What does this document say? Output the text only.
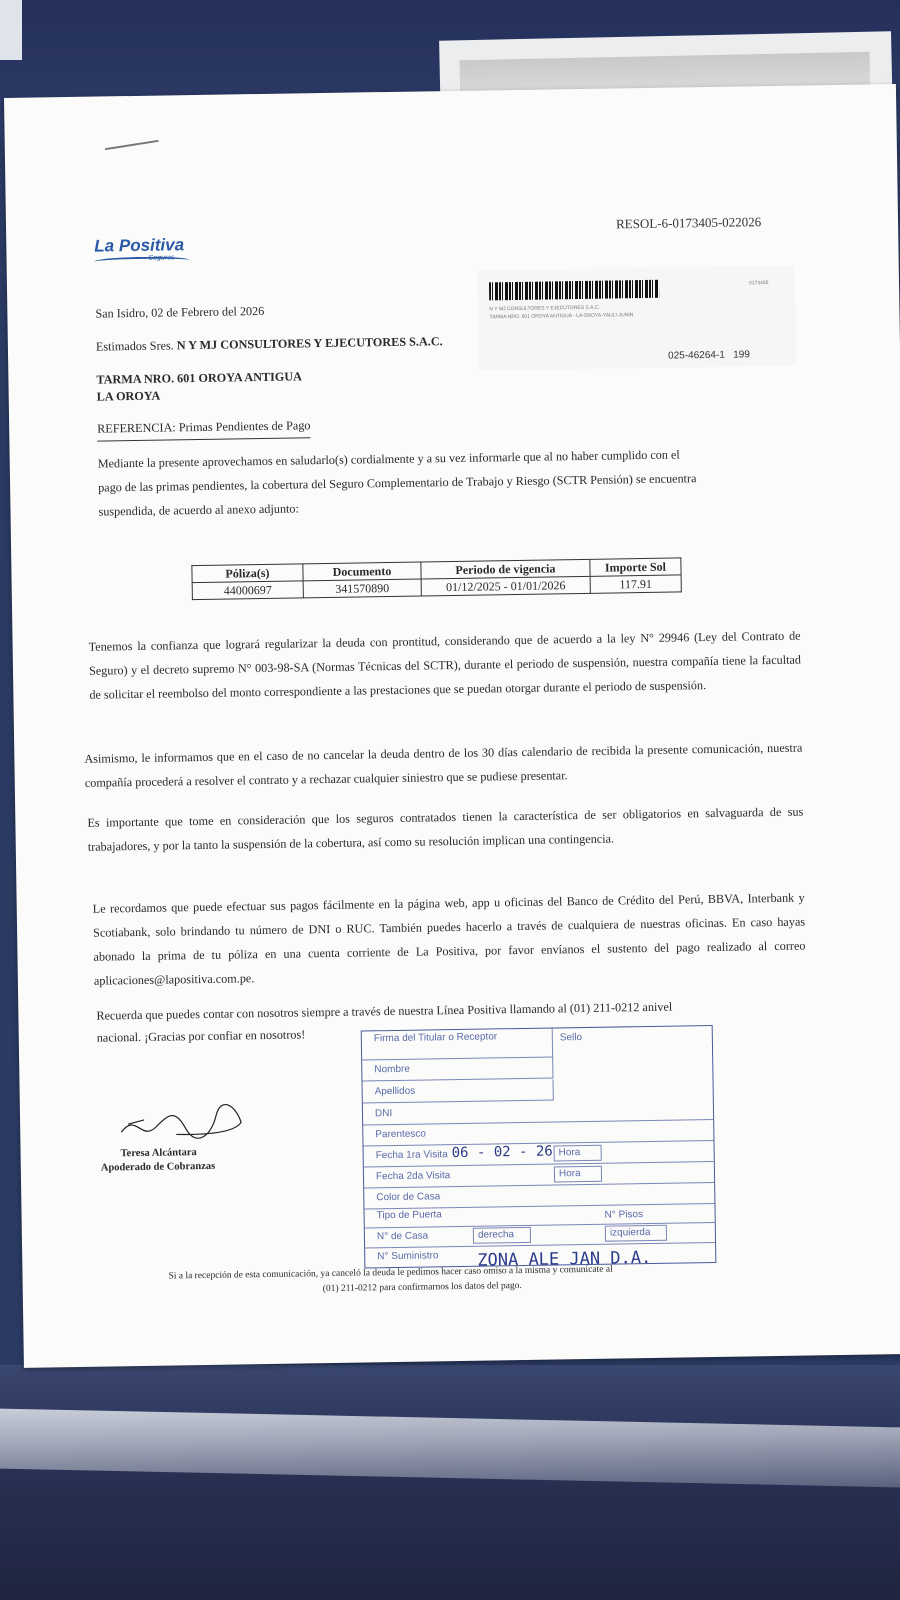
La Positiva
Seguros
RESOL-6-0173405-022026
0173405
N Y MJ CONSULTORES Y EJECUTORES S.A.C.
TARMA NRO. 601 OROYA ANTIGUA - LA OROYA-YAULI-JUNIN
025-46264-1 199
San Isidro, 02 de Febrero del 2026
Estimados Sres. N Y MJ CONSULTORES Y EJECUTORES S.A.C.
TARMA NRO. 601 OROYA ANTIGUA
LA OROYA
REFERENCIA: Primas Pendientes de Pago
Mediante la presente aprovechamos en saludarlo(s) cordialmente y a su vez informarle que al no haber cumplido con el
pago de las primas pendientes, la cobertura del Seguro Complementario de Trabajo y Riesgo (SCTR Pensión) se encuentra
suspendida, de acuerdo al anexo adjunto:
Póliza(s)	Documento	Periodo de vigencia	Importe Sol
44000697	341570890	01/12/2025 - 01/01/2026	117.91
Tenemos la confianza que logrará regularizar la deuda con prontitud, considerando que de acuerdo a la ley N° 29946 (Ley del Contrato de Seguro) y el decreto supremo N° 003-98-SA (Normas Técnicas del SCTR), durante el periodo de suspensión, nuestra compañía tiene la facultad de solicitar el reembolso del monto correspondiente a las prestaciones que se puedan otorgar durante el periodo de suspensión.
Asimismo, le informamos que en el caso de no cancelar la deuda dentro de los 30 días calendario de recibida la presente comunicación, nuestra compañía procederá a resolver el contrato y a rechazar cualquier siniestro que se pudiese presentar.
Es importante que tome en consideración que los seguros contratados tienen la característica de ser obligatorios en salvaguarda de sus trabajadores, y por la tanto la suspensión de la cobertura, así como su resolución implican una contingencia.
Le recordamos que puede efectuar sus pagos fácilmente en la página web, app u oficinas del Banco de Crédito del Perú, BBVA, Interbank y Scotiabank, solo brindando tu número de DNI o RUC. También puedes hacerlo a través de cualquiera de nuestras oficinas. En caso hayas abonado la prima de tu póliza en una cuenta corriente de La Positiva, por favor envíanos el sustento del pago realizado al correo aplicaciones@lapositiva.com.pe.
Recuerda que puedes contar con nosotros siempre a través de nuestra Línea Positiva llamando al (01) 211-0212 anivel
nacional. ¡Gracias por confiar en nosotros!
Teresa Alcántara
Apoderado de Cobranzas
Firma del Titular o Receptor	Sello
Nombre
Apellidos
DNI
Parentesco
Fecha 1ra Visita 06 - 02 - 26 Hora
Fecha 2da Visita	Hora
Color de Casa
Tipo de Puerta	N° Pisos
N° de Casa	derecha	izquierda
N° Suministro ZONA ALE JAN D.A.
Si a la recepción de esta comunicación, ya canceló la deuda le pedimos hacer caso omiso a la misma y comunícate al
(01) 211-0212 para confirmarnos los datos del pago.
